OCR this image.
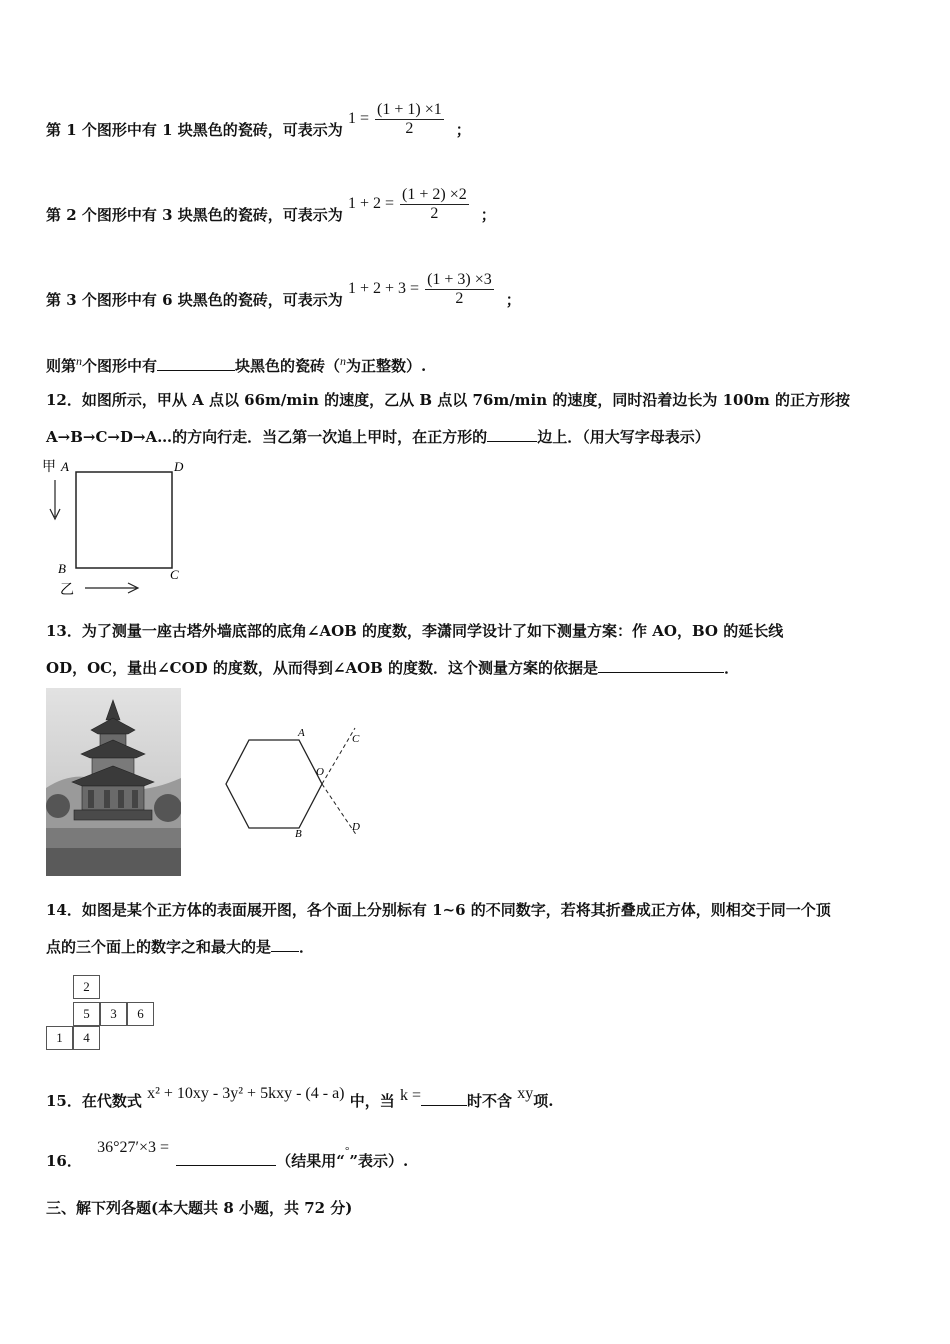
第 1 个图形中有 1 块黑色的瓷砖，可表示为 $1 = \frac{(1 + 1) \times 1}{2}$ ；
第 2 个图形中有 3 块黑色的瓷砖，可表示为 $1 + 2 = \frac{(1 + 2) \times 2}{2}$ ；
第 3 个图形中有 6 块黑色的瓷砖，可表示为 $1 + 2 + 3 = \frac{(1 + 3) \times 3}{2}$ ；
则第$^n$个图形中有	块黑色的瓷砖（$^n$为正整数）.
12．如图所示，甲从 A 点以 66m/min 的速度，乙从 B 点以 76m/min 的速度，同时沿着边长为 100m 的正方形按
A→B→C→D→A…的方向行走．当乙第一次追上甲时，在正方形的	边上．（用大写字母表示）
甲 A	D
B	C
乙
13．为了测量一座古塔外墙底部的底角∠AOB 的度数，李潇同学设计了如下测量方案：作 AO，BO 的延长线
OD，OC，量出∠COD 的度数，从而得到∠AOB 的度数．这个测量方案的依据是	．
A
B
C
D
O
14．如图是某个正方体的表面展开图，各个面上分别标有 1~6 的不同数字，若将其折叠成正方体，则相交于同一个顶
点的三个面上的数字之和最大的是 ．
2
5	3	6
1	4
15．在代数式 x² + 10xy - 3y² + 5kxy - (4 - a) 中，当 k =	时不含 xy项.
16． 36°27′×3 = （结果用“°”表示）.
三、解下列各题(本大题共 8 小题，共 72 分)
